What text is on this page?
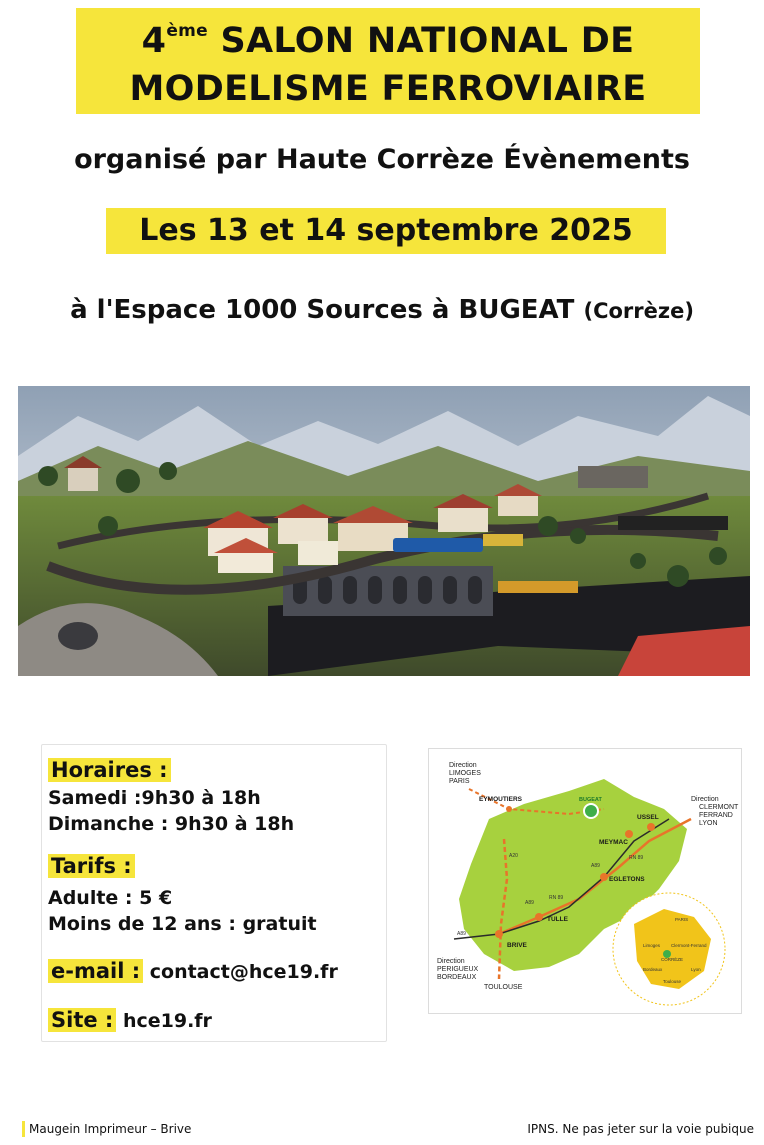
4ème SALON NATIONAL DE
MODELISME FERROVIAIRE
organisé par Haute Corrèze Évènements
Les 13 et 14 septembre 2025
à l'Espace 1000 Sources à BUGEAT (Corrèze)
Horaires :
Samedi :9h30 à 18h
Dimanche : 9h30 à 18h
Tarifs :
Adulte : 5 €
Moins de 12 ans : gratuit
e-mail : contact@hce19.fr
Site : hce19.fr
Direction
LIMOGES
PARIS
Direction
CLERMONT
FERRAND
LYON
Direction
PERIGUEUX
BORDEAUX
TOULOUSE
EYMOUTIERS	BUGEAT
USSEL
MEYMAC
EGLETONS
TULLE
BRIVE
A20
A89
RN 89
A89
A89
RN 89
PARIS
Limoges Clermont-Ferrand
Bordeaux	Lyon
Toulouse
CORRÈZE
Maugein Imprimeur – Brive	IPNS. Ne pas jeter sur la voie pubique
